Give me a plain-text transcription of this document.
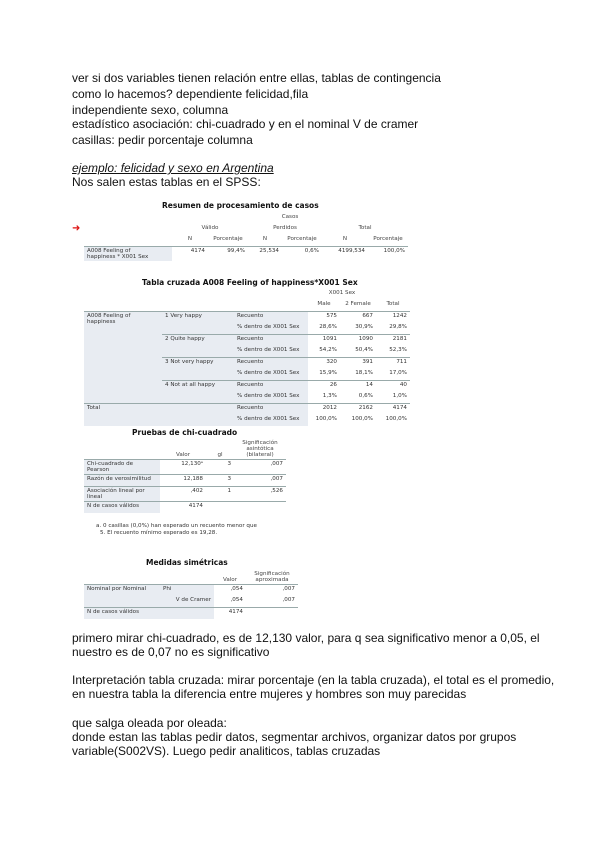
ver si dos variables tienen relación entre ellas, tablas de contingencia
como lo hacemos? dependiente felicidad,fila
independiente sexo, columna
estadístico asociación: chi-cuadrado y en el nominal V de cramer
casillas: pedir porcentaje columna
ejemplo: felicidad y sexo en Argentina
Nos salen estas tablas en el SPSS:
Resumen de procesamiento de casos
➜
	Casos					
	Válido		Perdidos		Total	
	N	Porcentaje	N	Porcentaje	N	Porcentaje
A008 Feeling of
happiness * X001 Sex	4174	99,4%	25,534	0,6%	4199,534	100,0%
Tabla cruzada A008 Feeling of happiness*X001 Sex
			X001 Sex		
			Male	2 Female	Total
A008 Feeling of
happiness	1 Very happy	Recuento	575	667	1242
		% dentro de X001 Sex	28,6%	30,9%	29,8%
	2 Quite happy	Recuento	1091	1090	2181
		% dentro de X001 Sex	54,2%	50,4%	52,3%
	3 Not very happy	Recuento	320	391	711
		% dentro de X001 Sex	15,9%	18,1%	17,0%
	4 Not at all happy	Recuento	26	14	40
		% dentro de X001 Sex	1,3%	0,6%	1,0%
Total		Recuento	2012	2162	4174
		% dentro de X001 Sex	100,0%	100,0%	100,0%
Pruebas de chi-cuadrado
	Valor	gl	Significación
asintótica
(bilateral)
Chi-cuadrado de Pearson	12,130ᵃ	3	,007
Razón de verosimilitud	12,188	3	,007
Asociación lineal por lineal	,402	1	,526
N de casos válidos	4174		
a. 0 casillas (0,0%) han esperado un recuento menor que
5. El recuento mínimo esperado es 19,28.
Medidas simétricas
		Valor	Significación
aproximada
Nominal por Nominal	Phi	,054	,007
	V de Cramer	,054	,007
N de casos válidos		4174	
primero mirar chi-cuadrado, es de 12,130 valor, para q sea significativo menor a 0,05, el
nuestro es de 0,07 no es significativo
Interpretación tabla cruzada: mirar porcentaje (en la tabla cruzada), el total es el promedio,
en nuestra tabla la diferencia entre mujeres y hombres son muy parecidas
que salga oleada por oleada:
donde estan las tablas pedir datos, segmentar archivos, organizar datos por grupos
variable(S002VS). Luego pedir analiticos, tablas cruzadas
